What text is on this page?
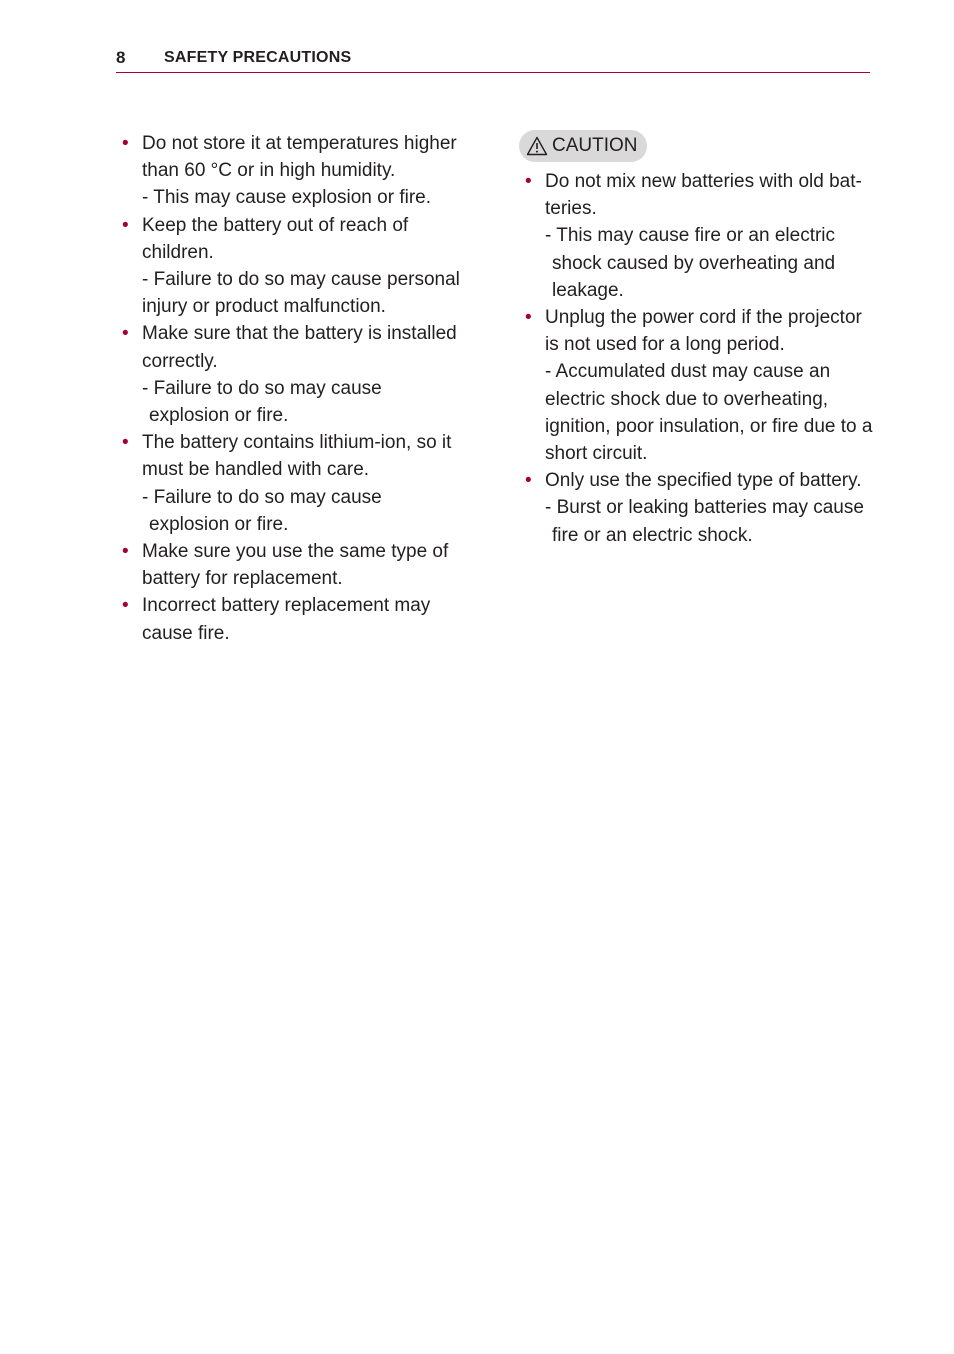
8 SAFETY PRECAUTIONS
• Do not store it at temperatures higher than 60 °C or in high humidity.
- This may cause explosion or fire.
• Keep the battery out of reach of children.
- Failure to do so may cause personal injury or product malfunction.
• Make sure that the battery is installed correctly.
- Failure to do so may cause
explosion or fire.
• The battery contains lithium-ion, so it must be handled with care.
- Failure to do so may cause
explosion or fire.
• Make sure you use the same type of battery for replacement.
• Incorrect battery replacement may cause fire.
CAUTION
• Do not mix new batteries with old bat-teries.
- This may cause fire or an electric
shock caused by overheating and leakage.
• Unplug the power cord if the projector is not used for a long period.
- Accumulated dust may cause an electric shock due to overheating, ignition, poor insulation, or fire due to a short circuit.
• Only use the specified type of battery.
- Burst or leaking batteries may cause
fire or an electric shock.
